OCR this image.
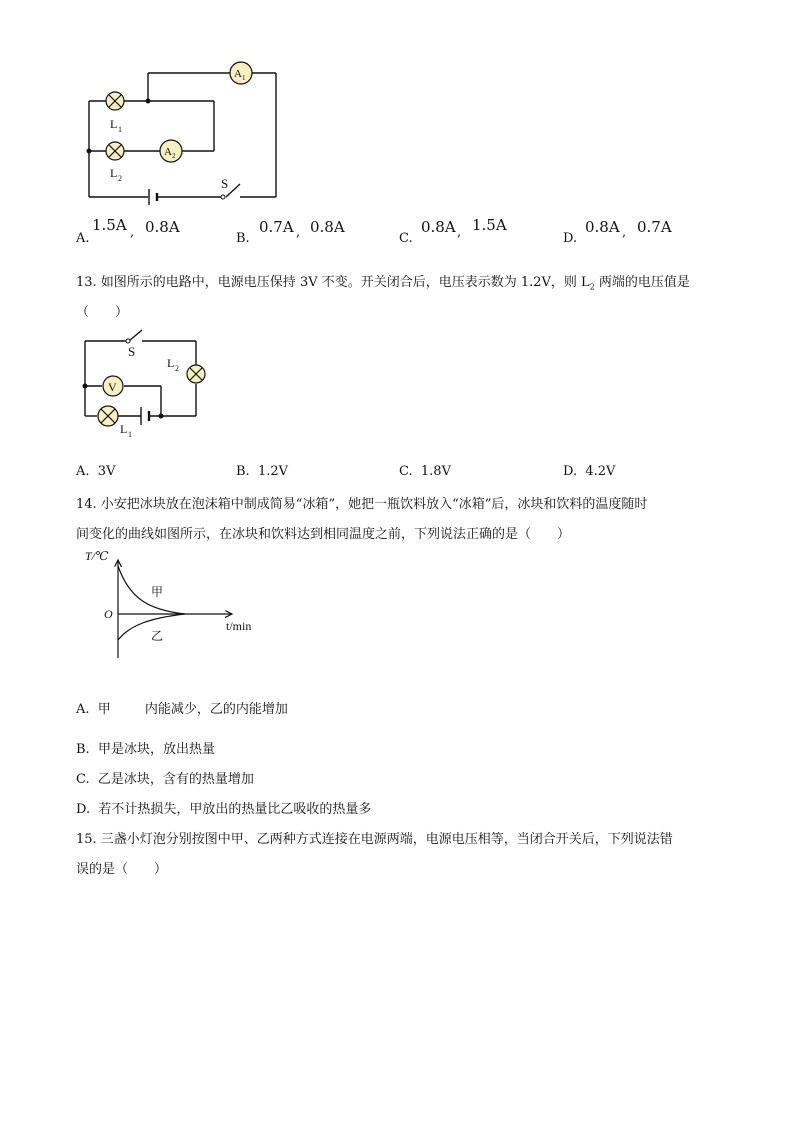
A 1
A 2
L 1
L 2	S
A.
1.5A , 0.8A
B.
0.7A , 0.8A
C.
0.8A , 1.5A
D.
0.8A , 0.7A
13. 如图所示的电路中，电源电压保持 3V 不变。开关闭合后，电压表示数为 1.2V，则 $L_2$ 两端的电压值是
（　　）
V
S
L 2
L 1
A. 3V	B. 1.2V	C. 1.8V	D. 4.2V
14. 小安把冰块放在泡沫箱中制成简易“冰箱”，她把一瓶饮料放入“冰箱”后，冰块和饮料的温度随时
间变化的曲线如图所示，在冰块和饮料达到相同温度之前，下列说法正确的是（　　）
T/℃
t/min
O
甲
乙
A. 甲	内能减少，乙的内能增加
B. 甲是冰块，放出热量
C. 乙是冰块，含有的热量增加
D. 若不计热损失，甲放出的热量比乙吸收的热量多
15. 三盏小灯泡分别按图中甲、乙两种方式连接在电源两端，电源电压相等，当闭合开关后，下列说法错
误的是（　　）
